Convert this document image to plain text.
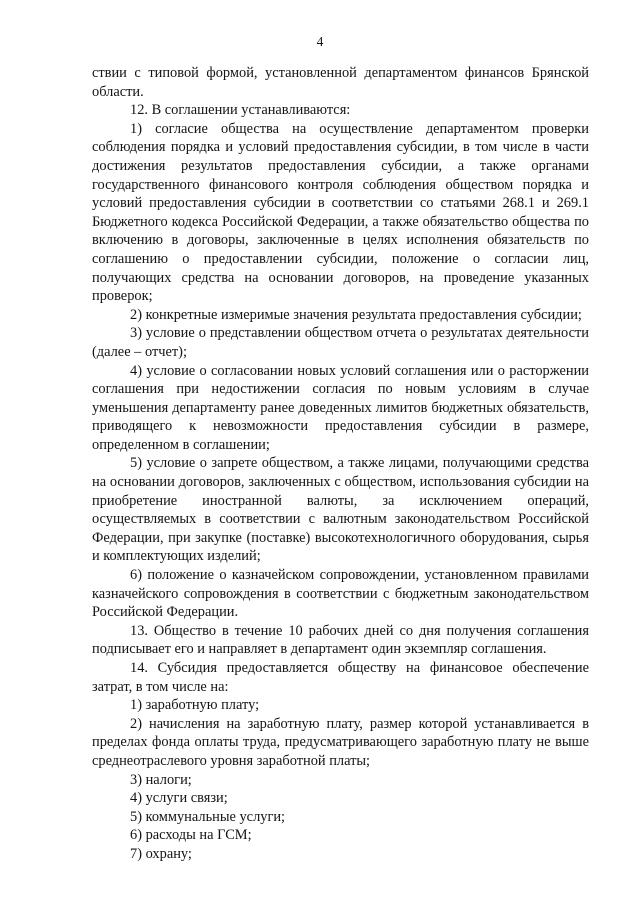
4

ствии с типовой формой, установленной департаментом финансов Брянской области.

12. В соглашении устанавливаются:

1) согласие общества на осуществление департаментом проверки соблюдения порядка и условий предоставления субсидии, в том числе в части достижения результатов предоставления субсидии, а также органами государственного финансового контроля соблюдения обществом порядка и условий предоставления субсидии в соответствии со статьями 268.1 и 269.1 Бюджетного кодекса Российской Федерации, а также обязательство общества по включению в договоры, заключенные в целях исполнения обязательств по соглашению о предоставлении субсидии, положение о согласии лиц, получающих средства на основании договоров, на проведение указанных проверок;

2) конкретные измеримые значения результата предоставления субсидии;

3) условие о представлении обществом отчета о результатах деятельности (далее – отчет);

4) условие о согласовании новых условий соглашения или о расторжении соглашения при недостижении согласия по новым условиям в случае уменьшения департаменту ранее доведенных лимитов бюджетных обязательств, приводящего к невозможности предоставления субсидии в размере, определенном в соглашении;

5) условие о запрете обществом, а также лицами, получающими средства на основании договоров, заключенных с обществом, использования субсидии на приобретение иностранной валюты, за исключением операций, осуществляемых в соответствии с валютным законодательством Российской Федерации, при закупке (поставке) высокотехнологичного оборудования, сырья и комплектующих изделий;

6) положение о казначейском сопровождении, установленном правилами казначейского сопровождения в соответствии с бюджетным законодательством Российской Федерации.

13. Общество в течение 10 рабочих дней со дня получения соглашения подписывает его и направляет в департамент один экземпляр соглашения.

14. Субсидия предоставляется обществу на финансовое обеспечение затрат, в том числе на:

1) заработную плату;

2) начисления на заработную плату, размер которой устанавливается в пределах фонда оплаты труда, предусматривающего заработную плату не выше среднеотраслевого уровня заработной платы;

3) налоги;

4) услуги связи;

5) коммунальные услуги;

6) расходы на ГСМ;

7) охрану;
